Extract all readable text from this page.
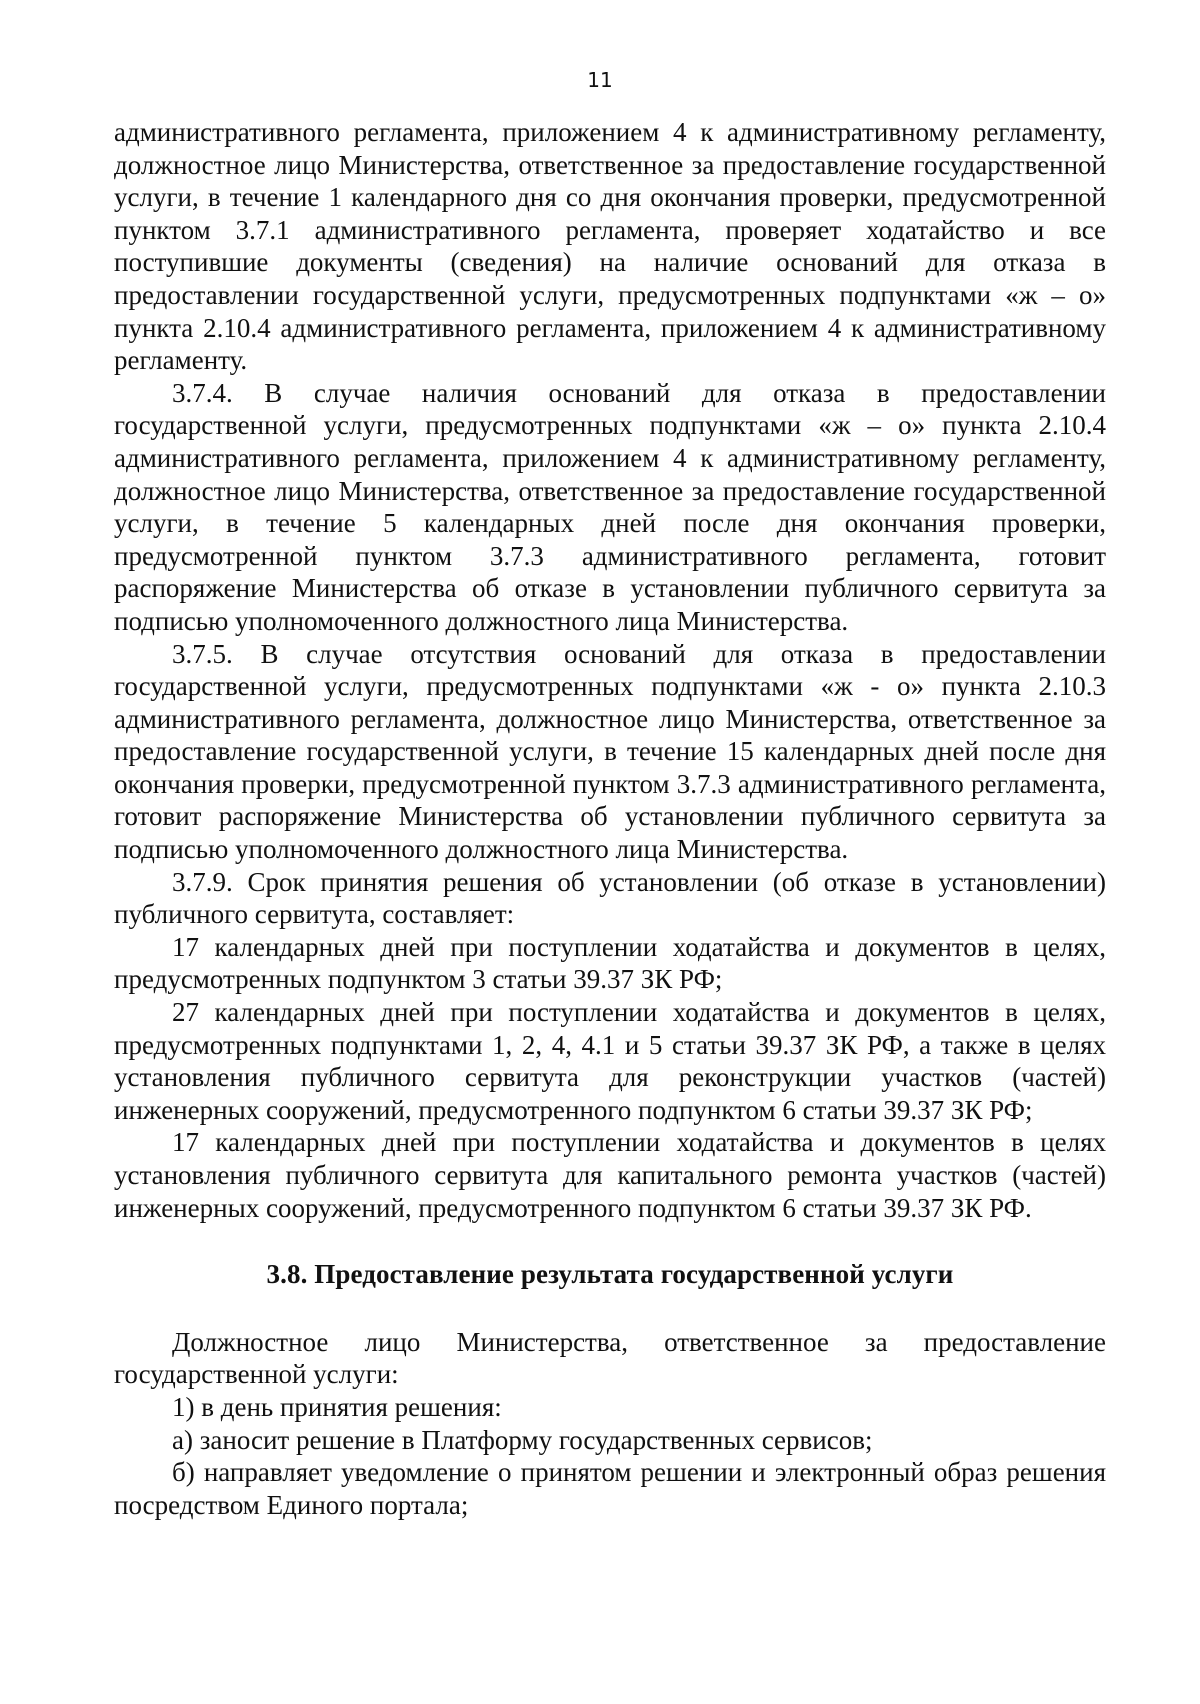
11

административного регламента, приложением 4 к административному регламенту, должностное лицо Министерства, ответственное за предоставление государственной услуги, в течение 1 календарного дня со дня окончания проверки, предусмотренной пунктом 3.7.1 административного регламента, проверяет ходатайство и все поступившие документы (сведения) на наличие оснований для отказа в предоставлении государственной услуги, предусмотренных подпунктами «ж – о» пункта 2.10.4 административного регламента, приложением 4 к административному регламенту.

3.7.4. В случае наличия оснований для отказа в предоставлении государственной услуги, предусмотренных подпунктами «ж – о» пункта 2.10.4 административного регламента, приложением 4 к административному регламенту, должностное лицо Министерства, ответственное за предоставление государственной услуги, в течение 5 календарных дней после дня окончания проверки, предусмотренной пунктом 3.7.3 административного регламента, готовит распоряжение Министерства об отказе в установлении публичного сервитута за подписью уполномоченного должностного лица Министерства.

3.7.5. В случае отсутствия оснований для отказа в предоставлении государственной услуги, предусмотренных подпунктами «ж - о» пункта 2.10.3 административного регламента, должностное лицо Министерства, ответственное за предоставление государственной услуги, в течение 15 календарных дней после дня окончания проверки, предусмотренной пунктом 3.7.3 административного регламента, готовит распоряжение Министерства об установлении публичного сервитута за подписью уполномоченного должностного лица Министерства.

3.7.9. Срок принятия решения об установлении (об отказе в установлении) публичного сервитута, составляет:

17 календарных дней при поступлении ходатайства и документов в целях, предусмотренных подпунктом 3 статьи 39.37 ЗК РФ;

27 календарных дней при поступлении ходатайства и документов в целях, предусмотренных подпунктами 1, 2, 4, 4.1 и 5 статьи 39.37 ЗК РФ, а также в целях установления публичного сервитута для реконструкции участков (частей) инженерных сооружений, предусмотренного подпунктом 6 статьи 39.37 ЗК РФ;

17 календарных дней при поступлении ходатайства и документов в целях установления публичного сервитута для капитального ремонта участков (частей) инженерных сооружений, предусмотренного подпунктом 6 статьи 39.37 ЗК РФ.

3.8. Предоставление результата государственной услуги

Должностное лицо Министерства, ответственное за предоставление государственной услуги:

1) в день принятия решения:

а) заносит решение в Платформу государственных сервисов;

б) направляет уведомление о принятом решении и электронный образ решения посредством Единого портала;
